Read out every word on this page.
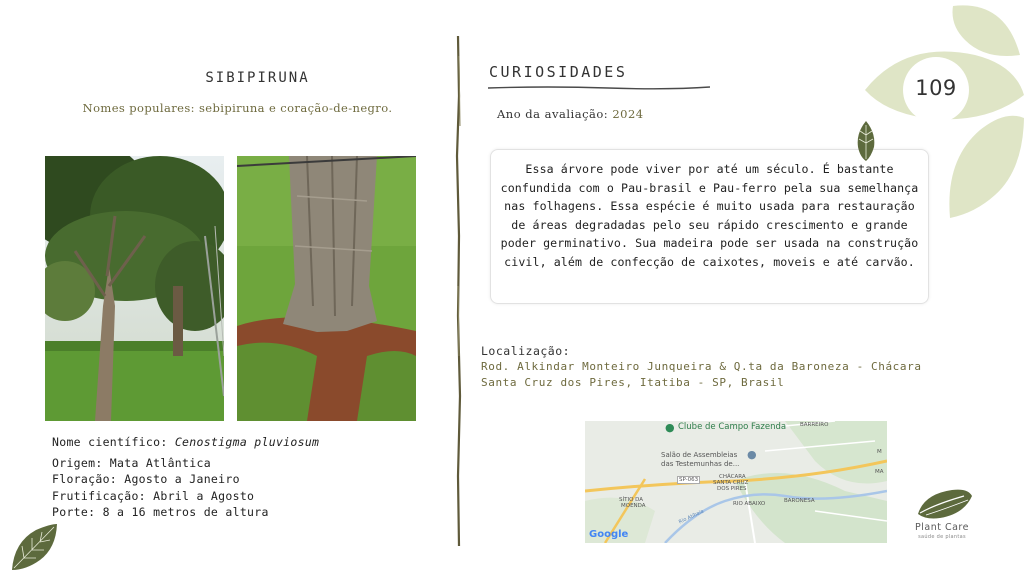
SIBIPIRUNA
Nomes populares: sebipiruna e coração-de-negro.
Nome científico: Cenostigma pluviosum
Origem: Mata Atlântica
Floração: Agosto a Janeiro
Frutificação: Abril a Agosto
Porte: 8 a 16 metros de altura
CURIOSIDADES
Ano da avaliação: 2024
Essa árvore pode viver por até um século. É bastante confundida com o Pau-brasil e Pau-ferro pela sua semelhança nas folhagens. Essa espécie é muito usada para restauração de áreas degradadas pelo seu rápido crescimento e grande poder germinativo. Sua madeira pode ser usada na construção civil, além de confecção de caixotes, moveis e até carvão.
Localização:
Rod. Alkindar Monteiro Junqueira & Q.ta da Baroneza - Chácara Santa Cruz dos Pires, Itatiba - SP, Brasil
● Clube de Campo Fazenda	BARREIRO
●
Salão de Assembleias
das Testemunhas de...
SP-063	CHÁCARA
SANTA CRUZ
DOS PIRES
SÍTIO DA
MOENDA	RIO ABAIXO	BARONESA
Rio Atibaia
M
MA
Google
109
Plant Care
saúde de plantas
